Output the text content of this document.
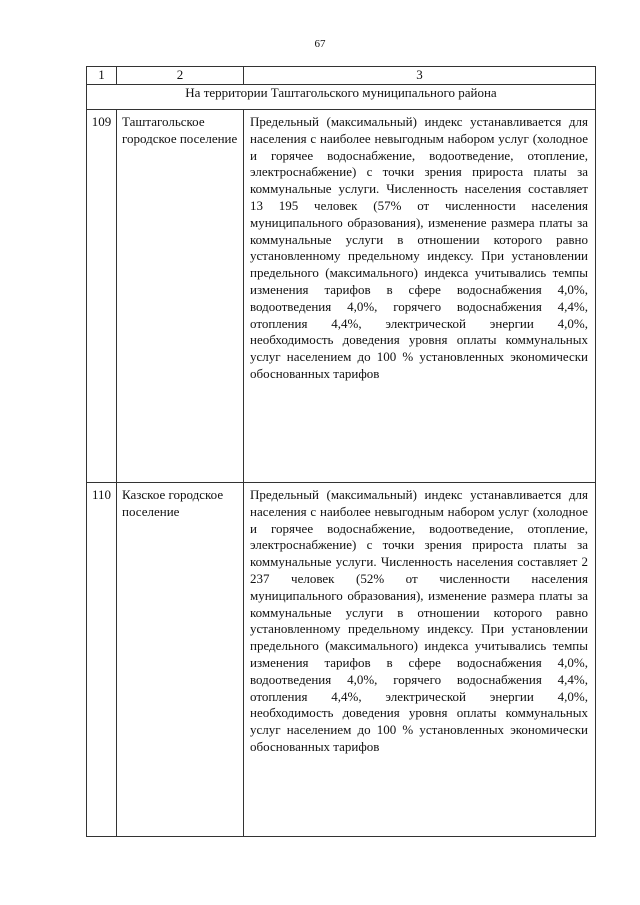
67
1	2	3
На территории Таштагольского муниципального района		
109	Таштагольское городское поселение	Предельный (максимальный) индекс устанавливается для населения с наиболее невыгодным набором услуг (холодное и горячее водоснабжение, водоотведение, отопление, электроснабжение) с точки зрения прироста платы за коммунальные услуги. Численность населения составляет 13 195 человек (57% от численности населения муниципального образования), изменение размера платы за коммунальные услуги в отношении которого равно установленному предельному индексу. При установлении предельного (максимального) индекса учитывались темпы изменения тарифов в сфере водоснабжения 4,0%, водоотведения 4,0%, горячего водоснабжения 4,4%, отопления 4,4%, электрической энергии 4,0%, необходимость доведения уровня оплаты коммунальных услуг населением до 100 % установленных экономически обоснованных тарифов
110	Казское городское поселение	Предельный (максимальный) индекс устанавливается для населения с наиболее невыгодным набором услуг (холодное и горячее водоснабжение, водоотведение, отопление, электроснабжение) с точки зрения прироста платы за коммунальные услуги. Численность населения составляет 2 237 человек (52% от численности населения муниципального образования), изменение размера платы за коммунальные услуги в отношении которого равно установленному предельному индексу. При установлении предельного (максимального) индекса учитывались темпы изменения тарифов в сфере водоснабжения 4,0%, водоотведения 4,0%, горячего водоснабжения 4,4%, отопления 4,4%, электрической энергии 4,0%, необходимость доведения уровня оплаты коммунальных услуг населением до 100 % установленных экономически обоснованных тарифов
